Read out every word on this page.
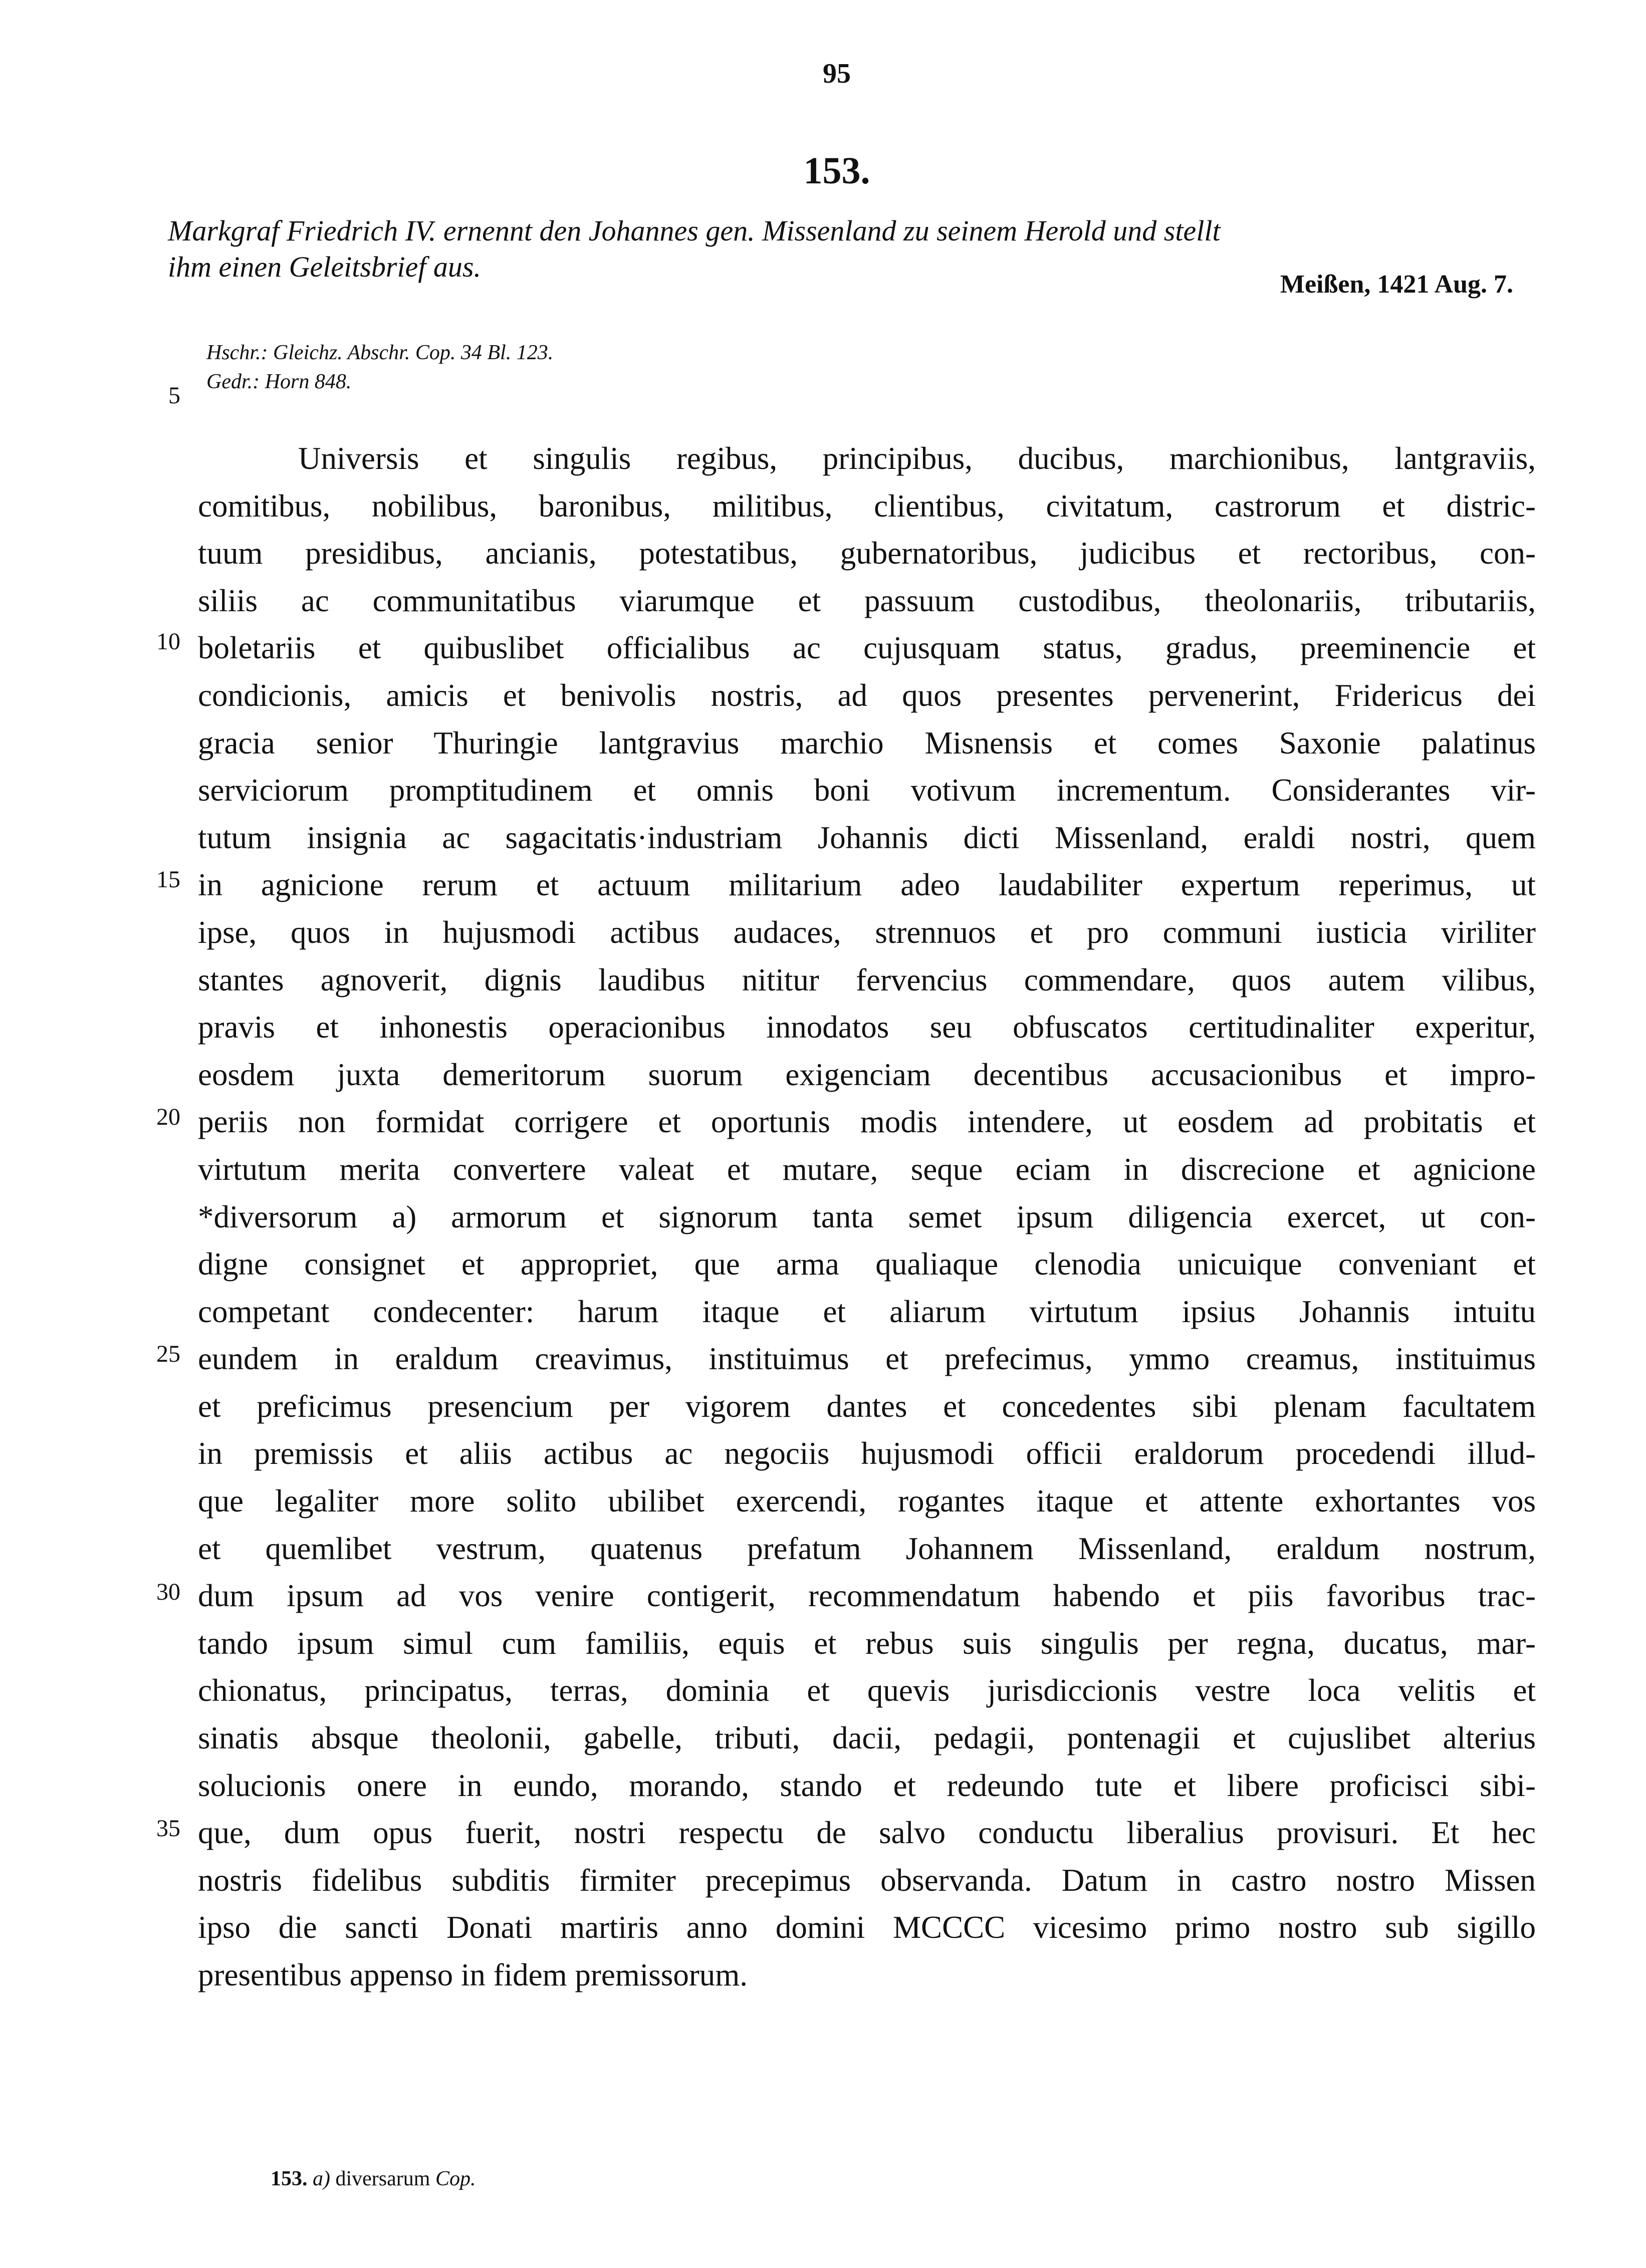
95
153.
Markgraf Friedrich IV. ernennt den Johannes gen. Missenland zu seinem Herold und stellt
ihm einen Geleitsbrief aus.
Meißen, 1421 Aug. 7.
Hschr.: Gleichz. Abschr. Cop. 34 Bl. 123.
Gedr.: Horn 848.
5
10
15
20
25
30
35
Universis et singulis regibus, principibus, ducibus, marchionibus, lantgraviis,
comitibus, nobilibus, baronibus, militibus, clientibus, civitatum, castrorum et distric-
tuum presidibus, ancianis, potestatibus, gubernatoribus, judicibus et rectoribus, con-
siliis ac communitatibus viarumque et passuum custodibus, theolonariis, tributariis,
boletariis et quibuslibet officialibus ac cujusquam status, gradus, preeminencie et
condicionis, amicis et benivolis nostris, ad quos presentes pervenerint, Fridericus dei
gracia senior Thuringie lantgravius marchio Misnensis et comes Saxonie palatinus
serviciorum promptitudinem et omnis boni votivum incrementum. Considerantes vir-
tutum insignia ac sagacitatis·industriam Johannis dicti Missenland, eraldi nostri, quem
in agnicione rerum et actuum militarium adeo laudabiliter expertum reperimus, ut
ipse, quos in hujusmodi actibus audaces, strennuos et pro communi iusticia viriliter
stantes agnoverit, dignis laudibus nititur fervencius commendare, quos autem vilibus,
pravis et inhonestis operacionibus innodatos seu obfuscatos certitudinaliter experitur,
eosdem juxta demeritorum suorum exigenciam decentibus accusacionibus et impro-
periis non formidat corrigere et oportunis modis intendere, ut eosdem ad probitatis et
virtutum merita convertere valeat et mutare, seque eciam in discrecione et agnicione
*diversorum a) armorum et signorum tanta semet ipsum diligencia exercet, ut con-
digne consignet et appropriet, que arma qualiaque clenodia unicuique conveniant et
competant condecenter: harum itaque et aliarum virtutum ipsius Johannis intuitu
eundem in eraldum creavimus, instituimus et prefecimus, ymmo creamus, instituimus
et preficimus presencium per vigorem dantes et concedentes sibi plenam facultatem
in premissis et aliis actibus ac negociis hujusmodi officii eraldorum procedendi illud-
que legaliter more solito ubilibet exercendi, rogantes itaque et attente exhortantes vos
et quemlibet vestrum, quatenus prefatum Johannem Missenland, eraldum nostrum,
dum ipsum ad vos venire contigerit, recommendatum habendo et piis favoribus trac-
tando ipsum simul cum familiis, equis et rebus suis singulis per regna, ducatus, mar-
chionatus, principatus, terras, dominia et quevis jurisdiccionis vestre loca velitis et
sinatis absque theolonii, gabelle, tributi, dacii, pedagii, pontenagii et cujuslibet alterius
solucionis onere in eundo, morando, stando et redeundo tute et libere proficisci sibi-
que, dum opus fuerit, nostri respectu de salvo conductu liberalius provisuri. Et hec
nostris fidelibus subditis firmiter precepimus observanda. Datum in castro nostro Missen
ipso die sancti Donati martiris anno domini MCCCC vicesimo primo nostro sub sigillo
presentibus appenso in fidem premissorum.
153. a) diversarum Cop.
